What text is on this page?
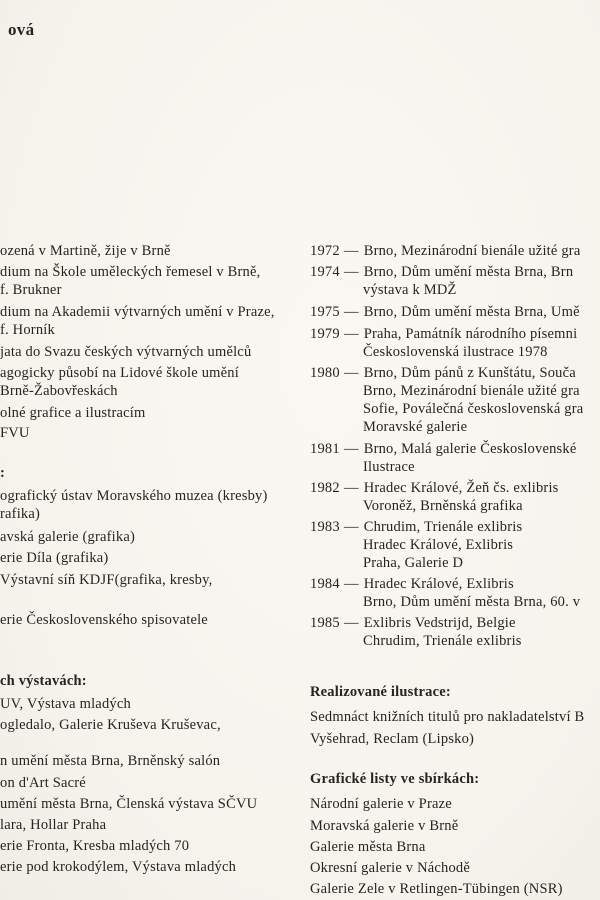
ová
ozená v Martině, žije v Brně
dium na Škole uměleckých řemesel v Brně,
f. Brukner
dium na Akademii výtvarných umění v Praze,
f. Horník
jata do Svazu českých výtvarných umělců
agogicky působí na Lidové škole umění
Brně-Žabovřeskách
olné grafice a ilustracím
FVU
:
ografický ústav Moravského muzea (kresby)
rafika)
avská galerie (grafika)
erie Díla (grafika)
Výstavní síň KDJF(grafika, kresby,
erie Československého spisovatele
ch výstavách:
UV, Výstava mladých
ogledalo, Galerie Kruševa Kruševac,
n umění města Brna, Brněnský salón
on d'Art Sacré
umění města Brna, Členská výstava SČVU
lara, Hollar Praha
erie Fronta, Kresba mladých 70
erie pod krokodýlem, Výstava mladých
1972 — Brno, Mezinárodní bienále užité gra
1974 — Brno, Dům umění města Brna, Brn
výstava k MDŽ
1975 — Brno, Dům umění města Brna, Umě
1979 — Praha, Památník národního písemni
Československá ilustrace 1978
1980 — Brno, Dům pánů z Kunštátu, Souča
Brno, Mezinárodní bienále užité gra
Sofie, Poválečná československá gra
Moravské galerie
1981 — Brno, Malá galerie Československé
Ilustrace
1982 — Hradec Králové, Žeň čs. exlibris
Voroněž, Brněnská grafika
1983 — Chrudim, Trienále exlibris
Hradec Králové, Exlibris
Praha, Galerie D
1984 — Hradec Králové, Exlibris
Brno, Dům umění města Brna, 60. v
1985 — Exlibris Vedstrijd, Belgie
Chrudim, Trienále exlibris
Realizované ilustrace:
Sedmnáct knižních titulů pro nakladatelství B
Vyšehrad, Reclam (Lipsko)
Grafické listy ve sbírkách:
Národní galerie v Praze
Moravská galerie v Brně
Galerie města Brna
Okresní galerie v Náchodě
Galerie Zele v Retlingen-Tübingen (NSR)
